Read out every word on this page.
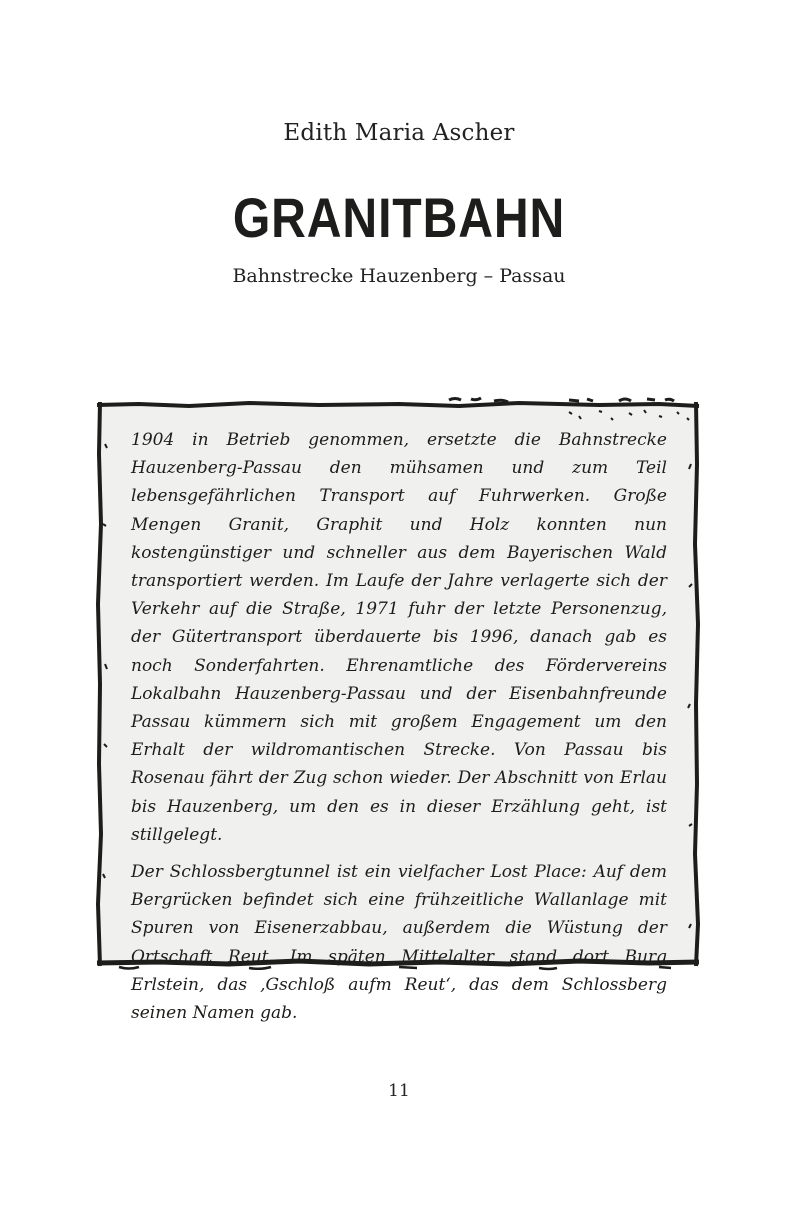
Edith Maria Ascher
GRANITBAHN
Bahnstrecke Hauzenberg – Passau

1904 in Betrieb genommen, ersetzte die Bahnstrecke Hauzenberg-Passau den mühsamen und zum Teil lebensgefährlichen Transport auf Fuhrwerken. Große Mengen Granit, Graphit und Holz konnten nun kostengünstiger und schneller aus dem Bayerischen Wald transportiert werden. Im Laufe der Jahre verlagerte sich der Verkehr auf die Straße, 1971 fuhr der letzte Personenzug, der Gütertransport überdauerte bis 1996, danach gab es noch Sonderfahrten. Ehrenamtliche des Fördervereins Lokalbahn Hauzenberg-Passau und der Eisenbahnfreunde Passau kümmern sich mit großem Engagement um den Erhalt der wildromantischen Strecke. Von Passau bis Rosenau fährt der Zug schon wieder. Der Abschnitt von Erlau bis Hauzenberg, um den es in dieser Erzählung geht, ist stillgelegt.

Der Schlossbergtunnel ist ein vielfacher Lost Place: Auf dem Bergrücken befindet sich eine frühzeitliche Wallanlage mit Spuren von Eisenerzabbau, außerdem die Wüstung der Ortschaft Reut. Im späten Mittelalter stand dort Burg Erlstein, das ‚Gschloß aufm Reut‘, das dem Schlossberg seinen Namen gab.

11
